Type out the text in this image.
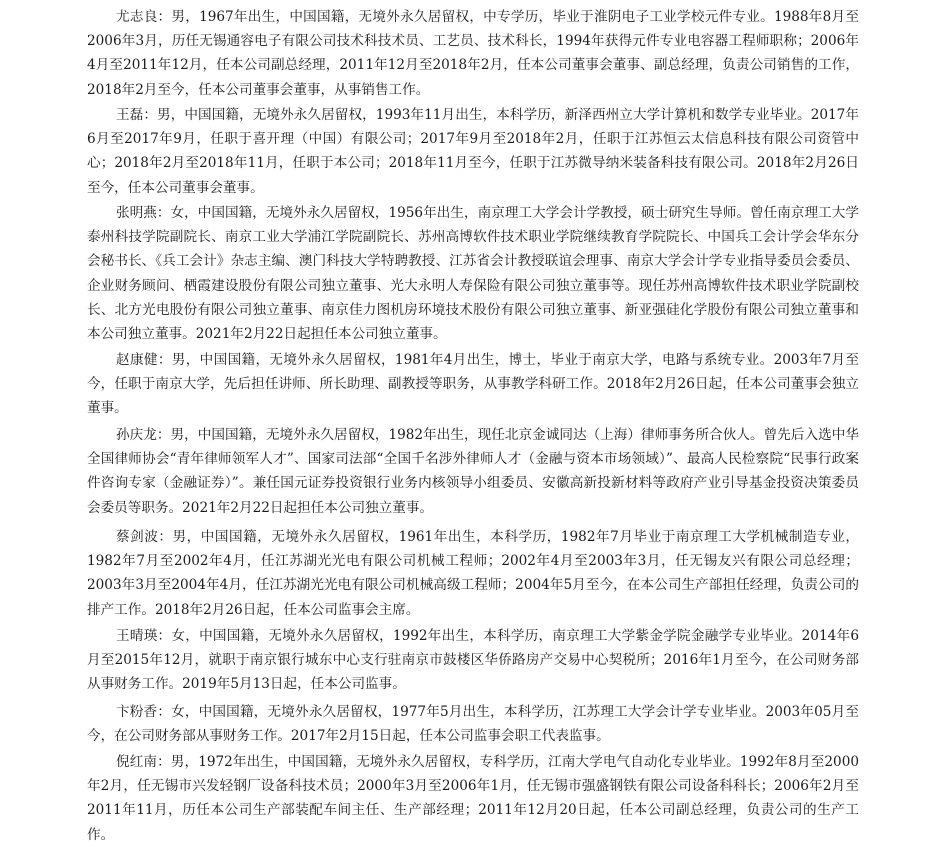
尤志良：男，1967年出生，中国国籍，无境外永久居留权，中专学历，毕业于淮阴电子工业学校元件专业。1988年8月至2006年3月，历任无锡通容电子有限公司技术科技术员、工艺员、技术科长，1994年获得元件专业电容器工程师职称；2006年4月至2011年12月，任本公司副总经理，2011年12月至2018年2月，任本公司董事会董事、副总经理，负责公司销售的工作，2018年2月至今，任本公司董事会董事，从事销售工作。

王磊：男，中国国籍，无境外永久居留权，1993年11月出生，本科学历，新泽西州立大学计算机和数学专业毕业。2017年6月至2017年9月，任职于喜开理（中国）有限公司；2017年9月至2018年2月，任职于江苏恒云太信息科技有限公司资管中心；2018年2月至2018年11月，任职于本公司；2018年11月至今，任职于江苏微导纳米装备科技有限公司。2018年2月26日至今，任本公司董事会董事。

张明燕：女，中国国籍，无境外永久居留权，1956年出生，南京理工大学会计学教授，硕士研究生导师。曾任南京理工大学泰州科技学院副院长、南京工业大学浦江学院副院长、苏州高博软件技术职业学院继续教育学院院长、中国兵工会计学会华东分会秘书长、《兵工会计》杂志主编、澳门科技大学特聘教授、江苏省会计教授联谊会理事、南京大学会计学专业指导委员会委员、企业财务顾问、栖霞建设股份有限公司独立董事、光大永明人寿保险有限公司独立董事等。现任苏州高博软件技术职业学院副校长、北方光电股份有限公司独立董事、南京佳力图机房环境技术股份有限公司独立董事、新亚强硅化学股份有限公司独立董事和本公司独立董事。2021年2月22日起担任本公司独立董事。

赵康健：男，中国国籍，无境外永久居留权，1981年4月出生，博士，毕业于南京大学，电路与系统专业。2003年7月至今，任职于南京大学，先后担任讲师、所长助理、副教授等职务，从事教学科研工作。2018年2月26日起，任本公司董事会独立董事。

孙庆龙：男，中国国籍，无境外永久居留权，1982年出生，现任北京金诚同达（上海）律师事务所合伙人。曾先后入选中华全国律师协会“青年律师领军人才”、国家司法部“全国千名涉外律师人才（金融与资本市场领域）”、最高人民检察院“民事行政案件咨询专家（金融证券）”。兼任国元证券投资银行业务内核领导小组委员、安徽高新投新材料等政府产业引导基金投资决策委员会委员等职务。2021年2月22日起担任本公司独立董事。

蔡剑波：男，中国国籍，无境外永久居留权，1961年出生，本科学历，1982年7月毕业于南京理工大学机械制造专业，1982年7月至2002年4月，任江苏湖光光电有限公司机械工程师；2002年4月至2003年3月，任无锡友兴有限公司总经理；2003年3月至2004年4月，任江苏湖光光电有限公司机械高级工程师；2004年5月至今，在本公司生产部担任经理，负责公司的排产工作。2018年2月26日起，任本公司监事会主席。

王晴瑛：女，中国国籍，无境外永久居留权，1992年出生，本科学历，南京理工大学紫金学院金融学专业毕业。2014年6月至2015年12月，就职于南京银行城东中心支行驻南京市鼓楼区华侨路房产交易中心契税所；2016年1月至今，在公司财务部从事财务工作。2019年5月13日起，任本公司监事。

卞粉香：女，中国国籍，无境外永久居留权，1977年5月出生，本科学历，江苏理工大学会计学专业毕业。2003年05月至今，在公司财务部从事财务工作。2017年2月15日起，任本公司监事会职工代表监事。

倪红南：男，1972年出生，中国国籍，无境外永久居留权，专科学历，江南大学电气自动化专业毕业。1992年8月至2000年2月，任无锡市兴发轻钢厂设备科技术员；2000年3月至2006年1月，任无锡市强盛钢铁有限公司设备科科长；2006年2月至2011年11月，历任本公司生产部装配车间主任、生产部经理；2011年12月20日起，任本公司副总经理，负责公司的生产工作。
